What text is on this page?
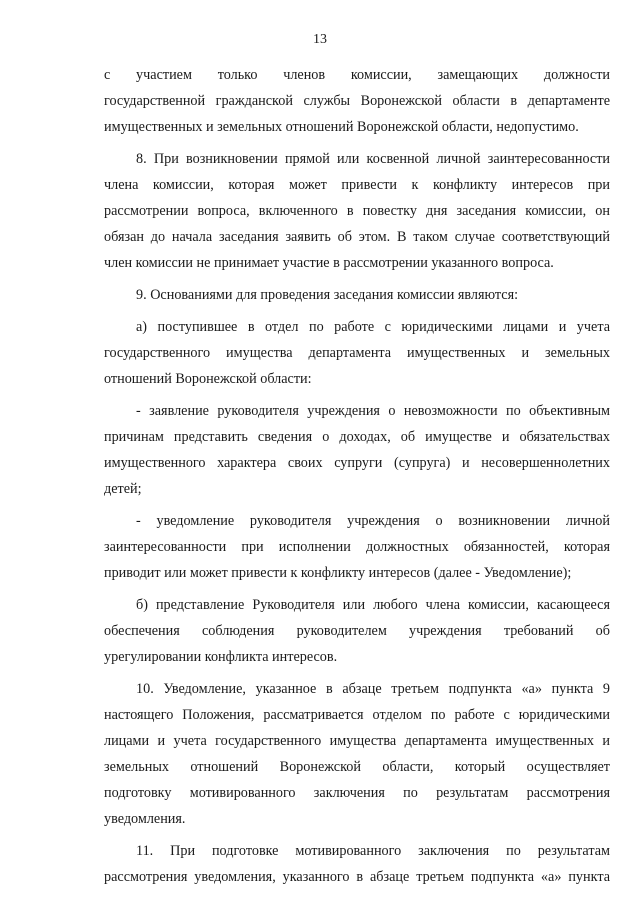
13
с участием только членов комиссии, замещающих должности
государственной гражданской службы Воронежской области в департаменте
имущественных и земельных отношений Воронежской области, недопустимо.
8. При возникновении прямой или косвенной личной заинтересованности
члена комиссии, которая может привести к конфликту интересов при
рассмотрении вопроса, включенного в повестку дня заседания комиссии, он
обязан до начала заседания заявить об этом. В таком случае соответствующий
член комиссии не принимает участие в рассмотрении указанного вопроса.
9. Основаниями для проведения заседания комиссии являются:
а) поступившее в отдел по работе с юридическими лицами и учета
государственного имущества департамента имущественных и земельных
отношений Воронежской области:
- заявление руководителя учреждения о невозможности по объективным
причинам представить сведения о доходах, об имуществе и обязательствах
имущественного характера своих супруги (супруга) и несовершеннолетних
детей;
- уведомление руководителя учреждения о возникновении личной
заинтересованности при исполнении должностных обязанностей, которая
приводит или может привести к конфликту интересов (далее - Уведомление);
б) представление Руководителя или любого члена комиссии, касающееся
обеспечения соблюдения руководителем учреждения требований об
урегулировании конфликта интересов.
10. Уведомление, указанное в абзаце третьем подпункта «а» пункта 9
настоящего Положения, рассматривается отделом по работе с юридическими
лицами и учета государственного имущества департамента имущественных и
земельных отношений Воронежской области, который осуществляет
подготовку мотивированного заключения по результатам рассмотрения
уведомления.
11. При подготовке мотивированного заключения по результатам
рассмотрения уведомления, указанного в абзаце третьем подпункта «а» пункта
